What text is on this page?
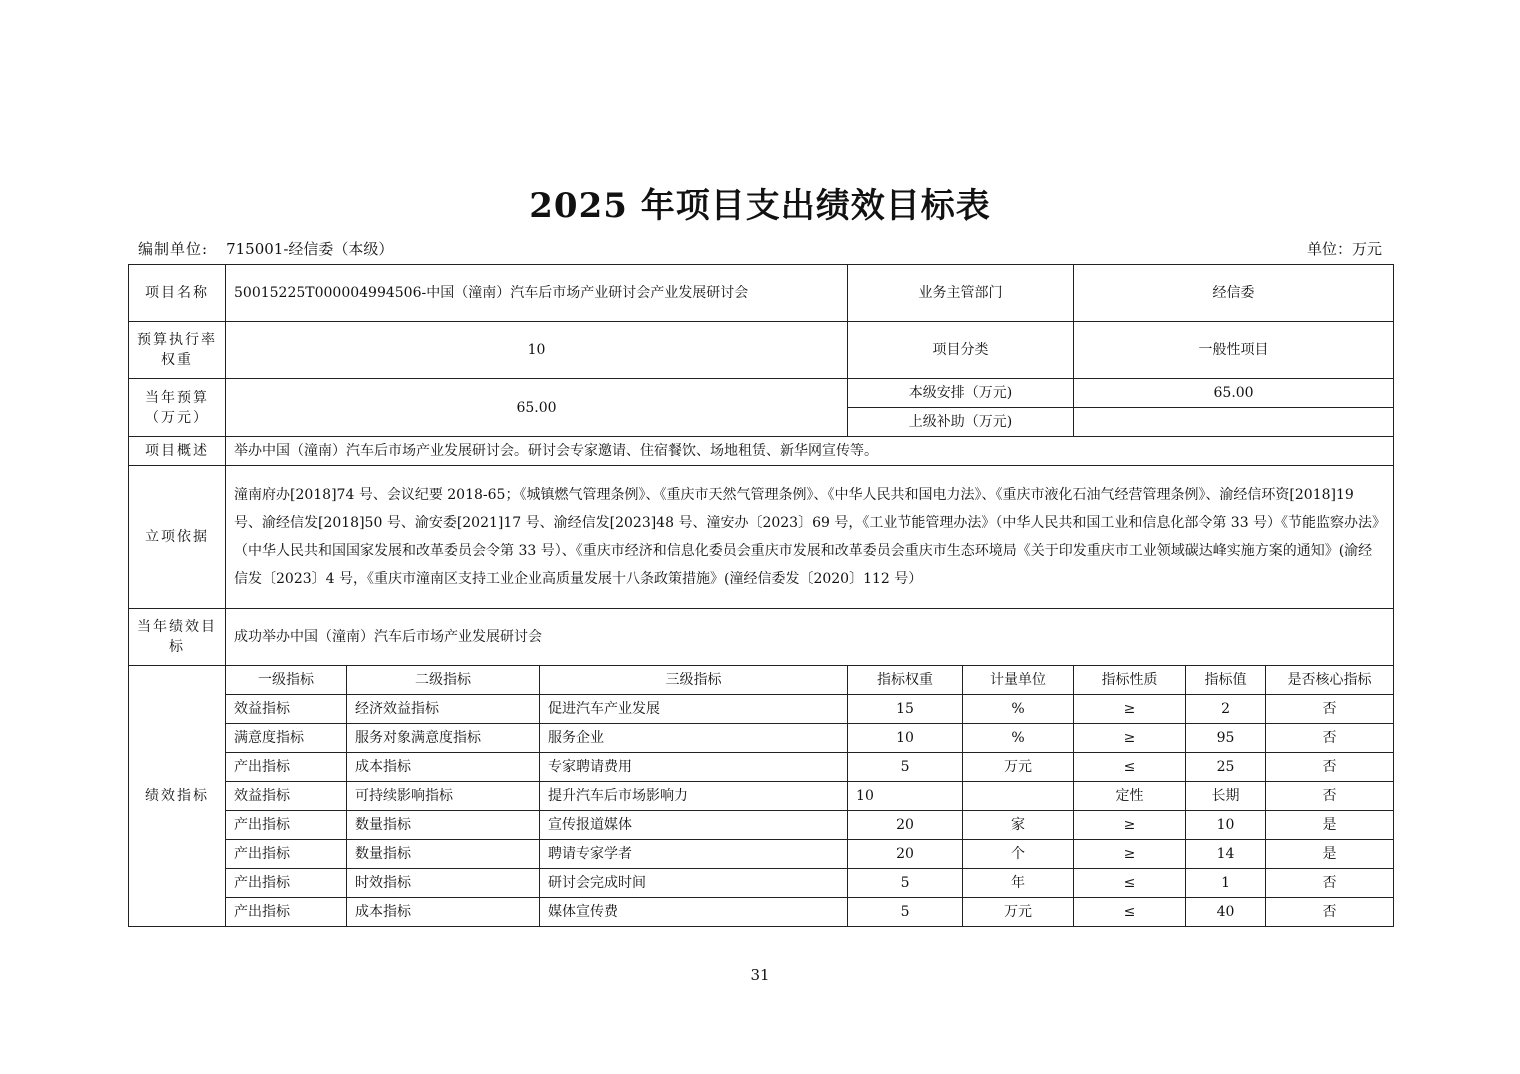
2025 年项目支出绩效目标表
编制单位: 715001-经信委（本级）	单位：万元
项目名称	50015225T000004994506-中国（潼南）汽车后市场产业研讨会产业发展研讨会			业务主管部门		经信委		
预算执行率权重	10			项目分类		一般性项目		
当年预算（万元）	65.00			本级安排（万元)		65.00		
				上级补助（万元)				
项目概述	举办中国（潼南）汽车后市场产业发展研讨会。研讨会专家邀请、住宿餐饮、场地租赁、新华网宣传等。							
立项依据	潼南府办[2018]74 号、会议纪要 2018-65；《城镇燃气管理条例》、《重庆市天然气管理条例》、《中华人民共和国电力法》、《重庆市液化石油气经营管理条例》、渝经信环资[2018]19 号、渝经信发[2018]50 号、渝安委[2021]17 号、渝经信发[2023]48 号、潼安办〔2023〕69 号，《工业节能管理办法》（中华人民共和国工业和信息化部令第 33 号）《节能监察办法》（中华人民共和国国家发展和改革委员会令第 33 号）、《重庆市经济和信息化委员会重庆市发展和改革委员会重庆市生态环境局《关于印发重庆市工业领域碳达峰实施方案的通知》(渝经信发〔2023〕4 号，《重庆市潼南区支持工业企业高质量发展十八条政策措施》(潼经信委发〔2020〕112 号）							
当年绩效目标	成功举办中国（潼南）汽车后市场产业发展研讨会							
绩效指标	一级指标	二级指标	三级指标	指标权重	计量单位	指标性质	指标值	是否核心指标
	效益指标	经济效益指标	促进汽车产业发展	15	%	≥	2	否
	满意度指标	服务对象满意度指标	服务企业	10	%	≥	95	否
	产出指标	成本指标	专家聘请费用	5	万元	≤	25	否
	效益指标	可持续影响指标	提升汽车后市场影响力	10		定性	长期	否
	产出指标	数量指标	宣传报道媒体	20	家	≥	10	是
	产出指标	数量指标	聘请专家学者	20	个	≥	14	是
	产出指标	时效指标	研讨会完成时间	5	年	≤	1	否
	产出指标	成本指标	媒体宣传费	5	万元	≤	40	否
31
